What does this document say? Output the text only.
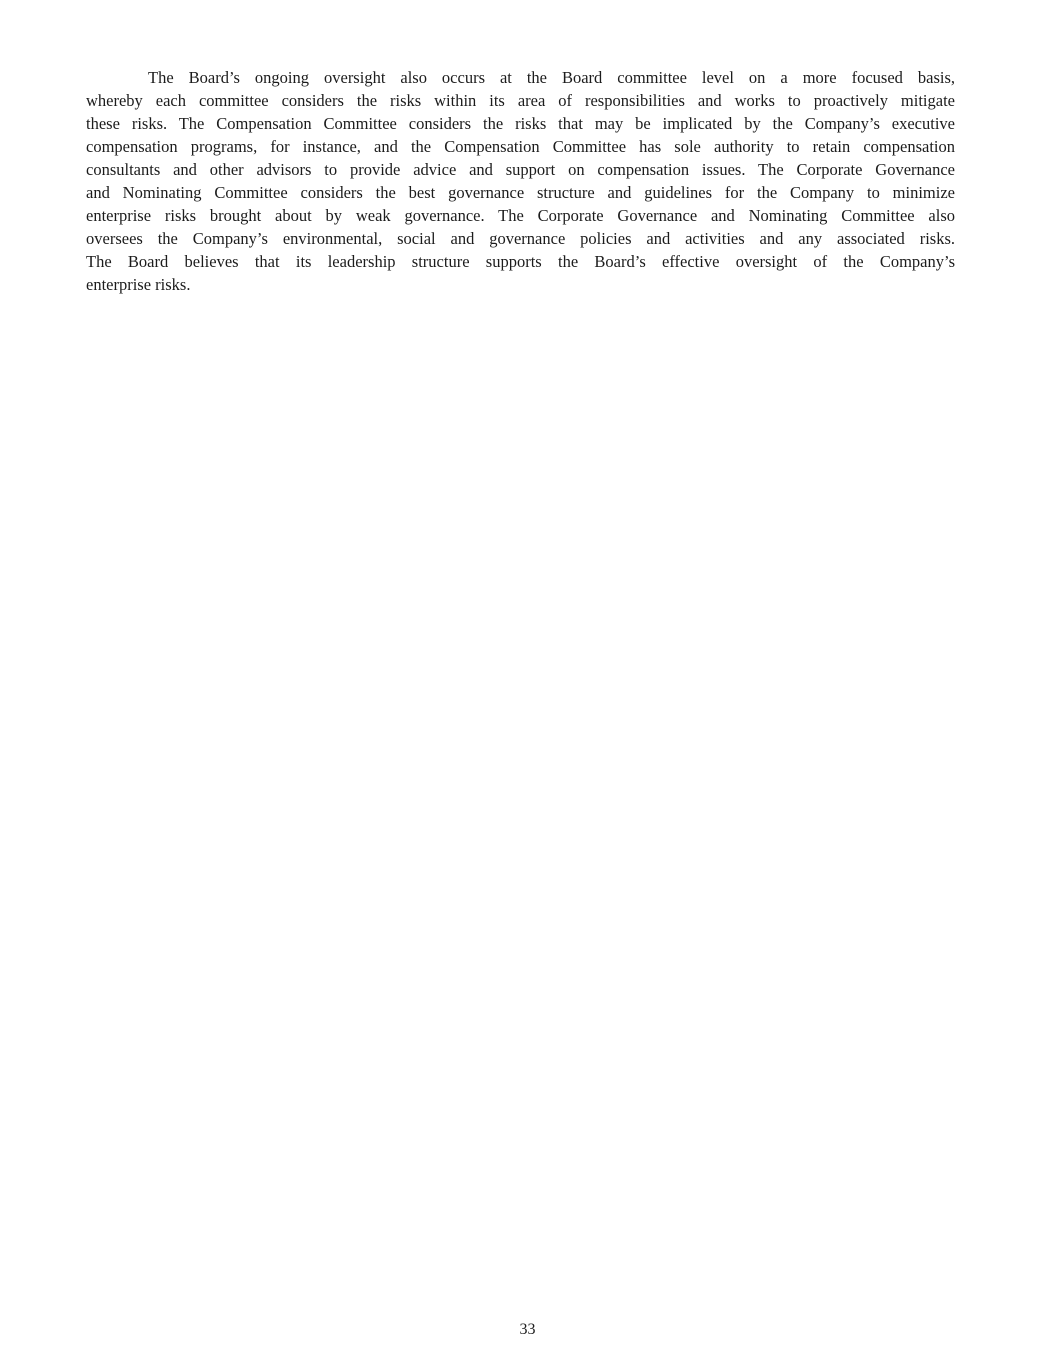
The Board’s ongoing oversight also occurs at the Board committee level on a more focused basis,
whereby each committee considers the risks within its area of responsibilities and works to proactively mitigate
these risks. The Compensation Committee considers the risks that may be implicated by the Company’s executive
compensation programs, for instance, and the Compensation Committee has sole authority to retain compensation
consultants and other advisors to provide advice and support on compensation issues. The Corporate Governance
and Nominating Committee considers the best governance structure and guidelines for the Company to minimize
enterprise risks brought about by weak governance. The Corporate Governance and Nominating Committee also
oversees the Company’s environmental, social and governance policies and activities and any associated risks.
The Board believes that its leadership structure supports the Board’s effective oversight of the Company’s
enterprise risks.
33
